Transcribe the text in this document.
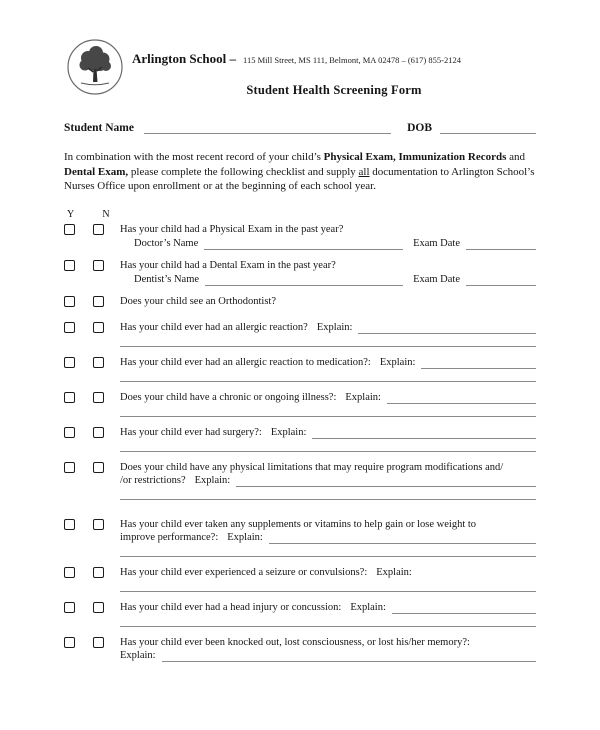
Arlington School – 115 Mill Street, MS 111, Belmont, MA 02478 – (617) 855-2124
Student Health Screening Form
Student Name	DOB

In combination with the most recent record of your child’s Physical Exam, Immunization Records and Dental Exam, please complete the following checklist and supply all documentation to Arlington School’s Nurses Office upon enrollment or at the beginning of each school year.

Y	N
Has your child had a Physical Exam in the past year?
Doctor’s Name	Exam Date
Has your child had a Dental Exam in the past year?
Dentist’s Name	Exam Date
Does your child see an Orthodontist?
Has your child ever had an allergic reaction? Explain:
Has your child ever had an allergic reaction to medication?: Explain:
Does your child have a chronic or ongoing illness?: Explain:
Has your child ever had surgery?: Explain:
Does your child have any physical limitations that may require program modifications and/
/or restrictions? Explain:
Has your child ever taken any supplements or vitamins to help gain or lose weight to
improve performance?: Explain:
Has your child ever experienced a seizure or convulsions?: Explain:
Has your child ever had a head injury or concussion: Explain:
Has your child ever been knocked out, lost consciousness, or lost his/her memory?:
Explain:
